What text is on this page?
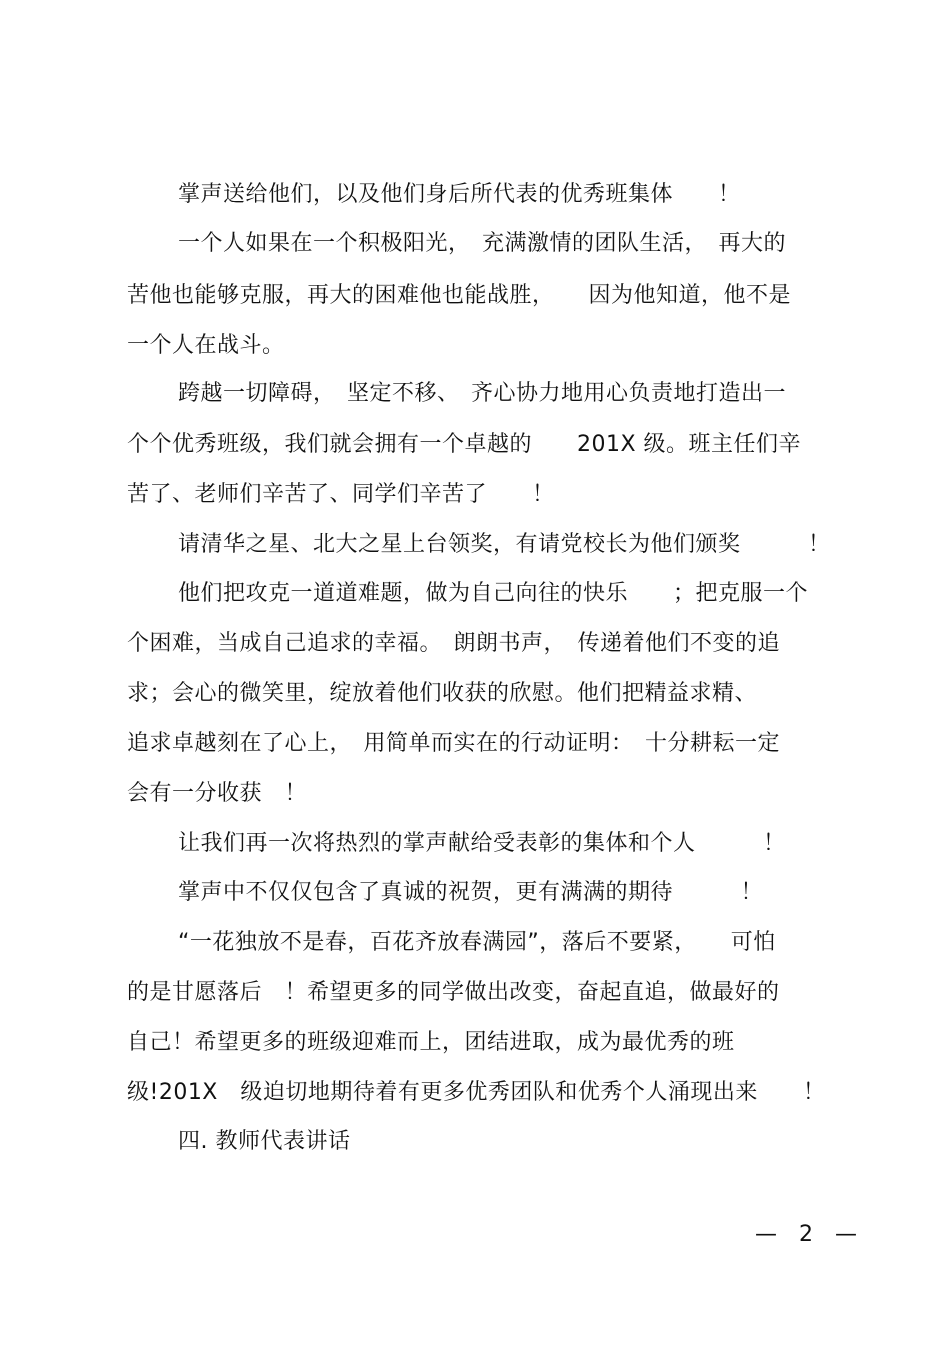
掌声送给他们，以及他们身后所代表的优秀班集体　　！
一个人如果在一个积极阳光，　充满激情的团队生活，　再大的
苦他也能够克服，再大的困难他也能战胜，　　因为他知道，他不是
一个人在战斗。
跨越一切障碍，　坚定不移、　齐心协力地用心负责地打造出一
个个优秀班级，我们就会拥有一个卓越的　　201X 级。班主任们辛
苦了、老师们辛苦了、同学们辛苦了　　！
请清华之星、北大之星上台领奖，有请党校长为他们颁奖　　　！
他们把攻克一道道难题，做为自己向往的快乐　　；把克服一个
个困难，当成自己追求的幸福。　朗朗书声，　传递着他们不变的追
求；会心的微笑里，绽放着他们收获的欣慰。他们把精益求精、
追求卓越刻在了心上，　用简单而实在的行动证明：　十分耕耘一定
会有一分收获　！
让我们再一次将热烈的掌声献给受表彰的集体和个人　　　！
掌声中不仅仅包含了真诚的祝贺，更有满满的期待　　　！
“一花独放不是春，百花齐放春满园”，落后不要紧，　　可怕
的是甘愿落后　！希望更多的同学做出改变，奋起直追，做最好的
自己！希望更多的班级迎难而上，团结进取，成为最优秀的班
级!201X　级迫切地期待着有更多优秀团队和优秀个人涌现出来　　！
四. 教师代表讲话
—　2　—
